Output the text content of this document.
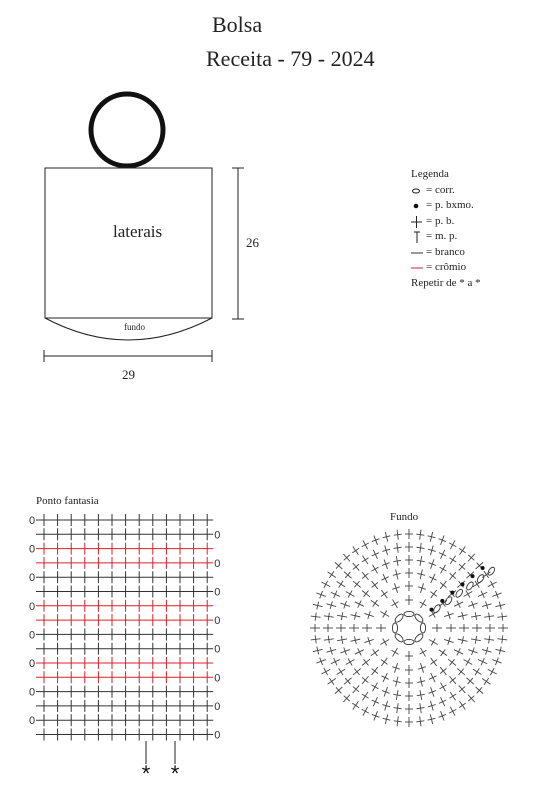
Bolsa
Receita - 79 - 2024
0
0
0
0
0
0
0
0
0
0
0
0
0
0
0
0
* *
laterais
fundo
26
29
Legenda
= corr.
= p. bxmo.
= p. b.
= m. p.
= branco
= crômio
Repetir de * a *
Ponto fantasia
Fundo
